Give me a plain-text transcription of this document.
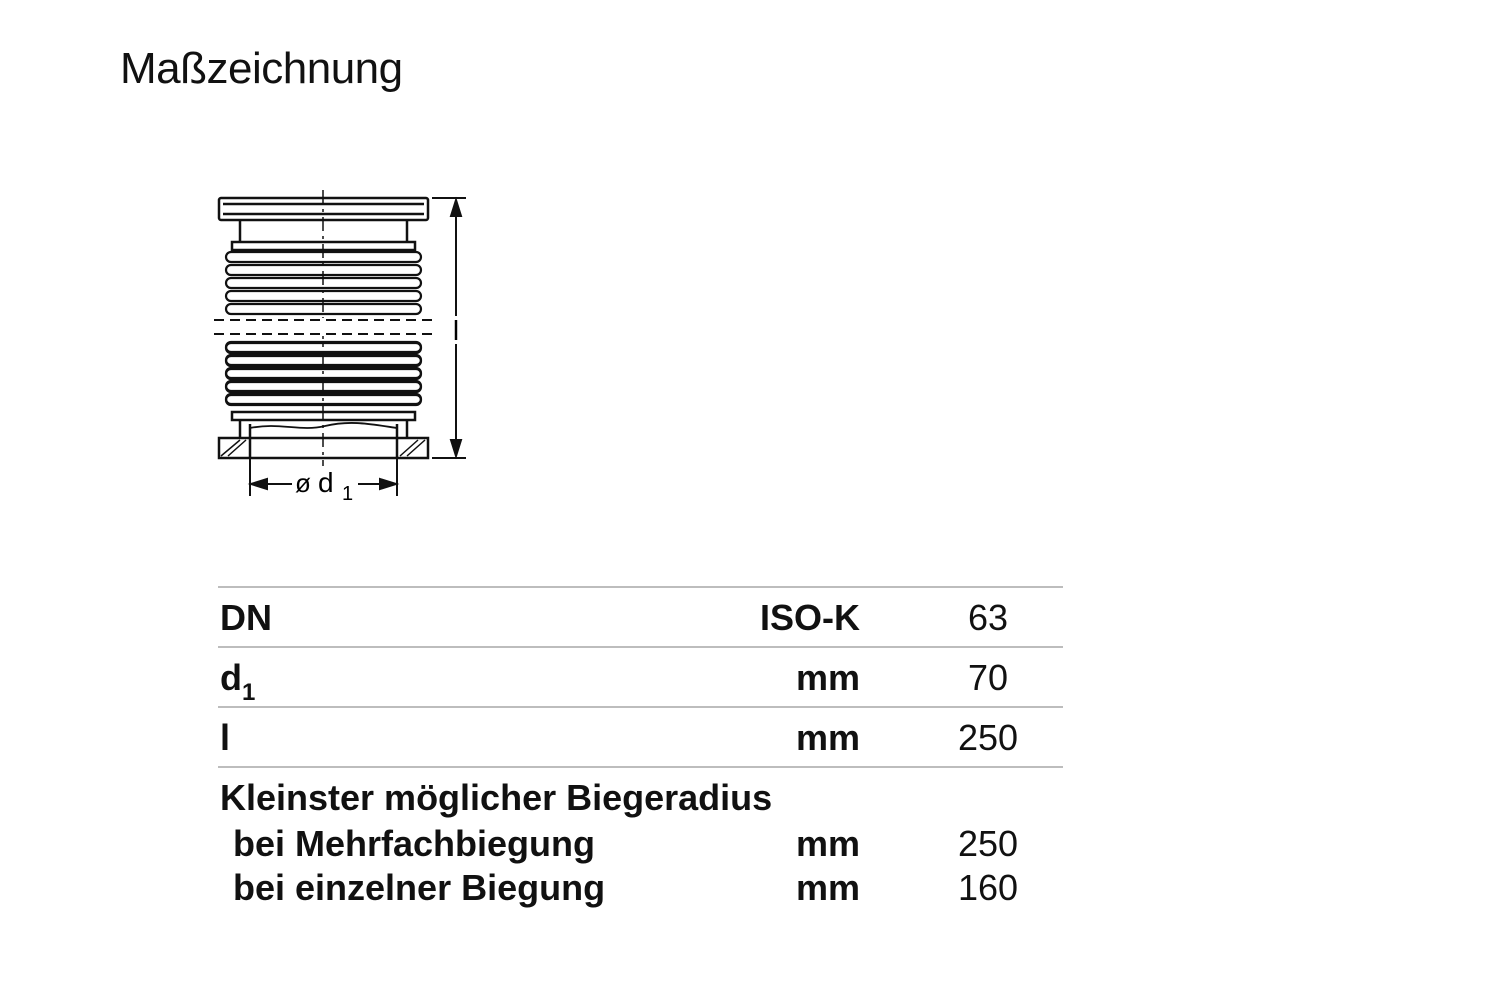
Maßzeichnung
l
ø d 1
DN	ISO-K	63
$d_1$	mm	70
l	mm	250
Kleinster möglicher Biegeradius
bei Mehrfachbiegung	mm	250
bei einzelner Biegung	mm	160
